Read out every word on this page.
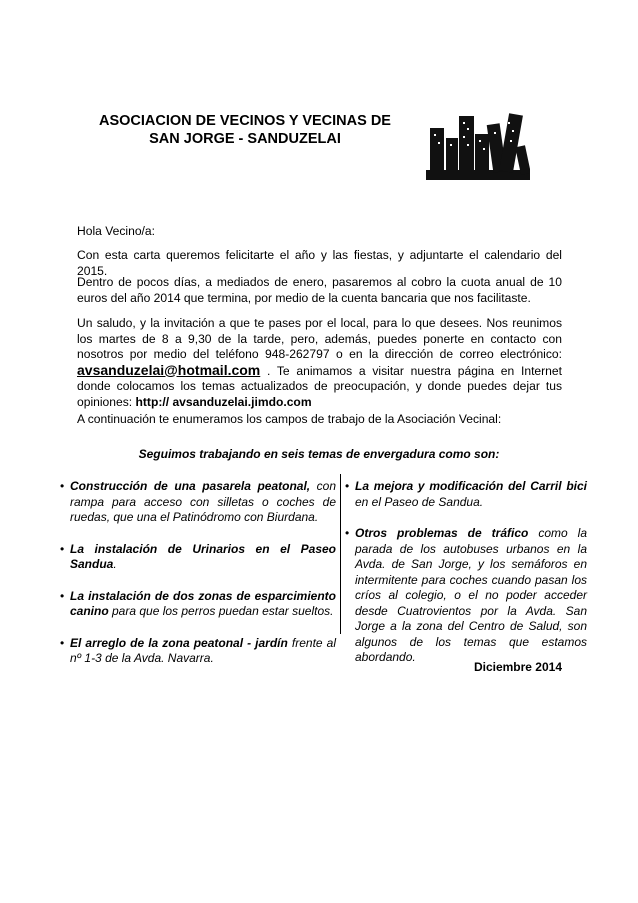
ASOCIACION DE VECINOS Y VECINAS DE
SAN JORGE - SANDUZELAI
Hola Vecino/a:
Con esta carta queremos felicitarte el año y las fiestas, y adjuntarte el calendario del 2015.
Dentro de pocos días, a mediados de enero, pasaremos al cobro la cuota anual de 10 euros del año 2014 que termina, por medio de la cuenta bancaria que nos facilitaste.
Un saludo, y la invitación a que te pases por el local, para lo que desees. Nos reunimos los martes de 8 a 9,30 de la tarde, pero, además, puedes ponerte en contacto con nosotros por medio del teléfono 948-262797 o en la dirección de correo electrónico: avsanduzelai@hotmail.com . Te animamos a visitar nuestra página en Internet donde colocamos los temas actualizados de preocupación, y donde puedes dejar tus opiniones: http:// avsanduzelai.jimdo.com
A continuación te enumeramos los campos de trabajo de la Asociación Vecinal:
Seguimos trabajando en seis temas de envergadura como son:
• Construcción de una pasarela peatonal, con rampa para acceso con silletas o coches de ruedas, que una el Patinódromo con Biurdana.
• La instalación de Urinarios en el Paseo Sandua.
• La instalación de dos zonas de esparcimiento canino para que los perros puedan estar sueltos.
• El arreglo de la zona peatonal - jardín frente al nº 1-3 de la Avda. Navarra.
• La mejora y modificación del Carril bici en el Paseo de Sandua.
• Otros problemas de tráfico como la parada de los autobuses urbanos en la Avda. de San Jorge, y los semáforos en intermitente para coches cuando pasan los críos al colegio, o el no poder acceder desde Cuatrovientos por la Avda. San Jorge a la zona del Centro de Salud, son algunos de los temas que estamos abordando.
Diciembre 2014
